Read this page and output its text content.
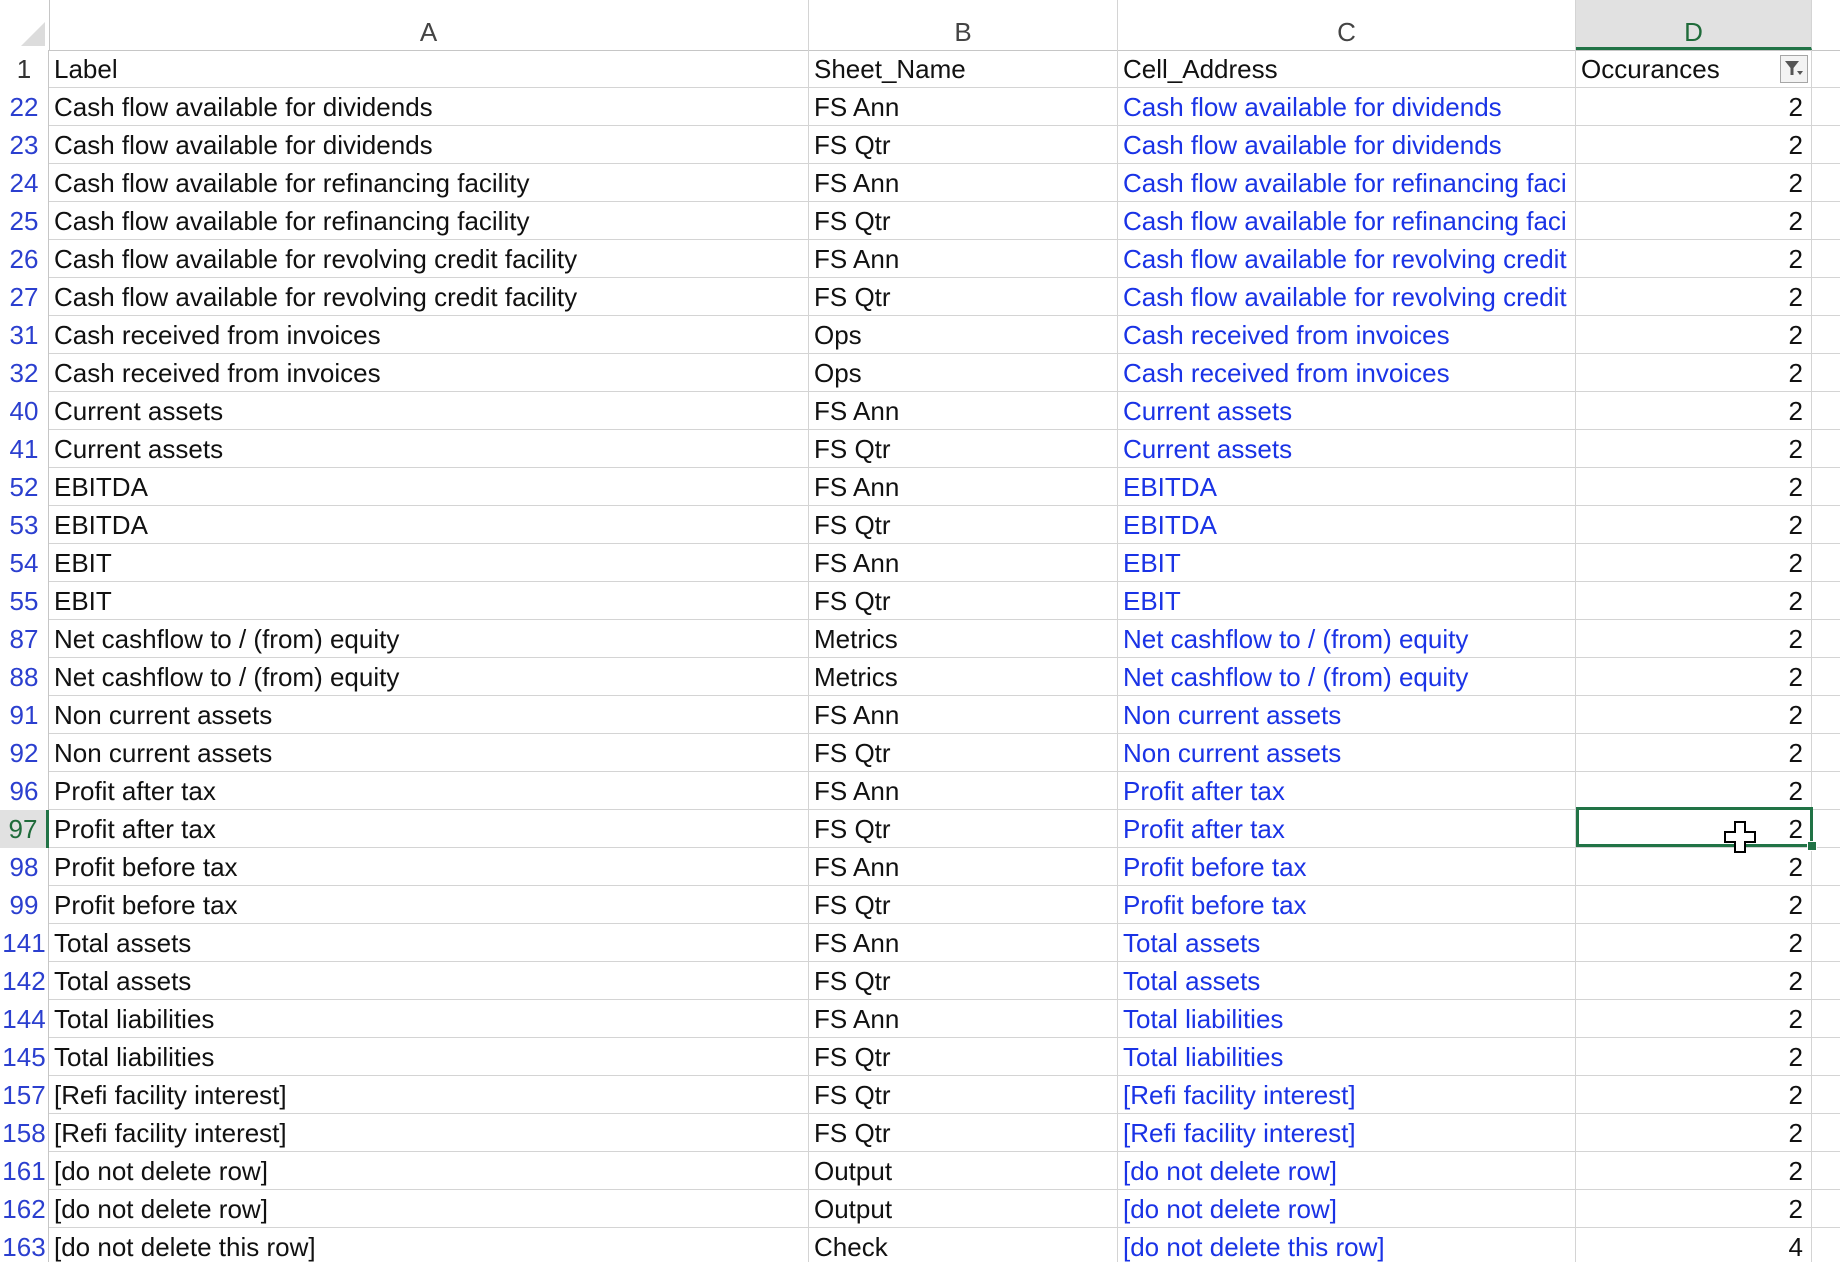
A	B	C	D
1 Label	Sheet_Name	Cell_Address	Occurances
22 Cash flow available for dividends	FS Ann	Cash flow available for dividends	2
23 Cash flow available for dividends	FS Qtr	Cash flow available for dividends	2
24 Cash flow available for refinancing facility	FS Ann	Cash flow available for refinancing faci	2
25 Cash flow available for refinancing facility	FS Qtr	Cash flow available for refinancing faci	2
26 Cash flow available for revolving credit facility	FS Ann	Cash flow available for revolving credit	2
27 Cash flow available for revolving credit facility	FS Qtr	Cash flow available for revolving credit	2
31 Cash received from invoices	Ops	Cash received from invoices	2
32 Cash received from invoices	Ops	Cash received from invoices	2
40 Current assets	FS Ann	Current assets	2
41 Current assets	FS Qtr	Current assets	2
52 EBITDA	FS Ann	EBITDA	2
53 EBITDA	FS Qtr	EBITDA	2
54 EBIT	FS Ann	EBIT	2
55 EBIT	FS Qtr	EBIT	2
87 Net cashflow to / (from) equity	Metrics	Net cashflow to / (from) equity	2
88 Net cashflow to / (from) equity	Metrics	Net cashflow to / (from) equity	2
91 Non current assets	FS Ann	Non current assets	2
92 Non current assets	FS Qtr	Non current assets	2
96 Profit after tax	FS Ann	Profit after tax	2
97 Profit after tax	FS Qtr	Profit after tax	2
98 Profit before tax	FS Ann	Profit before tax	2
99 Profit before tax	FS Qtr	Profit before tax	2
141 Total assets	FS Ann	Total assets	2
142 Total assets	FS Qtr	Total assets	2
144 Total liabilities	FS Ann	Total liabilities	2
145 Total liabilities	FS Qtr	Total liabilities	2
157 [Refi facility interest]	FS Qtr	[Refi facility interest]	2
158 [Refi facility interest]	FS Qtr	[Refi facility interest]	2
161 [do not delete row]	Output	[do not delete row]	2
162 [do not delete row]	Output	[do not delete row]	2
163 [do not delete this row]	Check	[do not delete this row]	4
